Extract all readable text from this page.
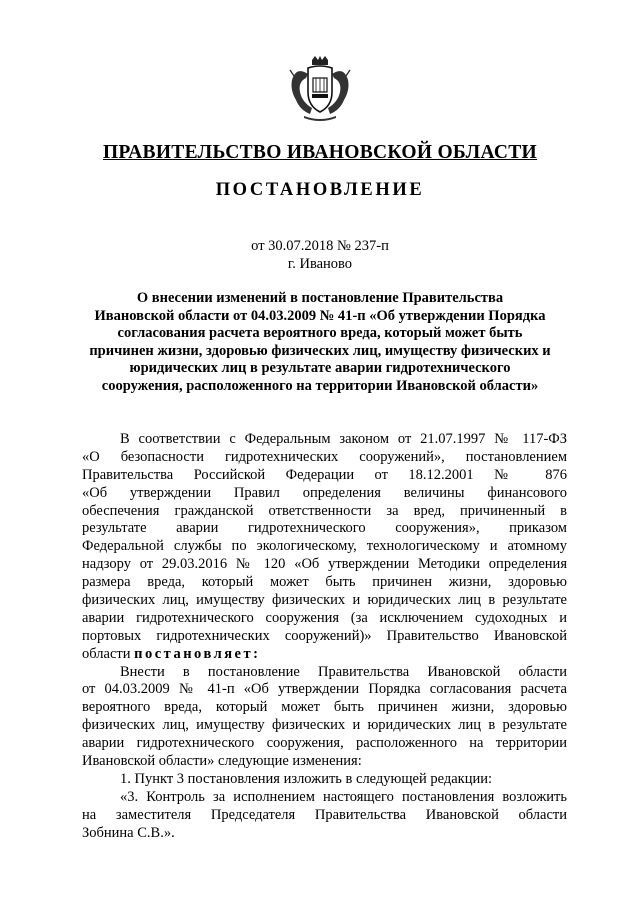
ПРАВИТЕЛЬСТВО ИВАНОВСКОЙ ОБЛАСТИ
ПОСТАНОВЛЕНИЕ
от 30.07.2018 № 237-п
г. Иваново
О внесении изменений в постановление Правительства
Ивановской области от 04.03.2009 № 41-п «Об утверждении Порядка
согласования расчета вероятного вреда, который может быть
причинен жизни, здоровью физических лиц, имуществу физических и
юридических лиц в результате аварии гидротехнического
сооружения, расположенного на территории Ивановской области»
В соответствии с Федеральным законом от 21.07.1997 № 117-ФЗ
«О безопасности гидротехнических сооружений», постановлением
Правительства Российской Федерации от 18.12.2001 № 876
«Об утверждении Правил определения величины финансового
обеспечения гражданской ответственности за вред, причиненный в
результате аварии гидротехнического сооружения», приказом
Федеральной службы по экологическому, технологическому и атомному
надзору от 29.03.2016 № 120 «Об утверждении Методики определения
размера вреда, который может быть причинен жизни, здоровью
физических лиц, имуществу физических и юридических лиц в результате
аварии гидротехнического сооружения (за исключением судоходных и
портовых гидротехнических сооружений)» Правительство Ивановской
области постановляет:
Внести в постановление Правительства Ивановской области
от 04.03.2009 № 41-п «Об утверждении Порядка согласования расчета
вероятного вреда, который может быть причинен жизни, здоровью
физических лиц, имуществу физических и юридических лиц в результате
аварии гидротехнического сооружения, расположенного на территории
Ивановской области» следующие изменения:
1. Пункт 3 постановления изложить в следующей редакции:
«3. Контроль за исполнением настоящего постановления возложить
на заместителя Председателя Правительства Ивановской области
Зобнина С.В.».
